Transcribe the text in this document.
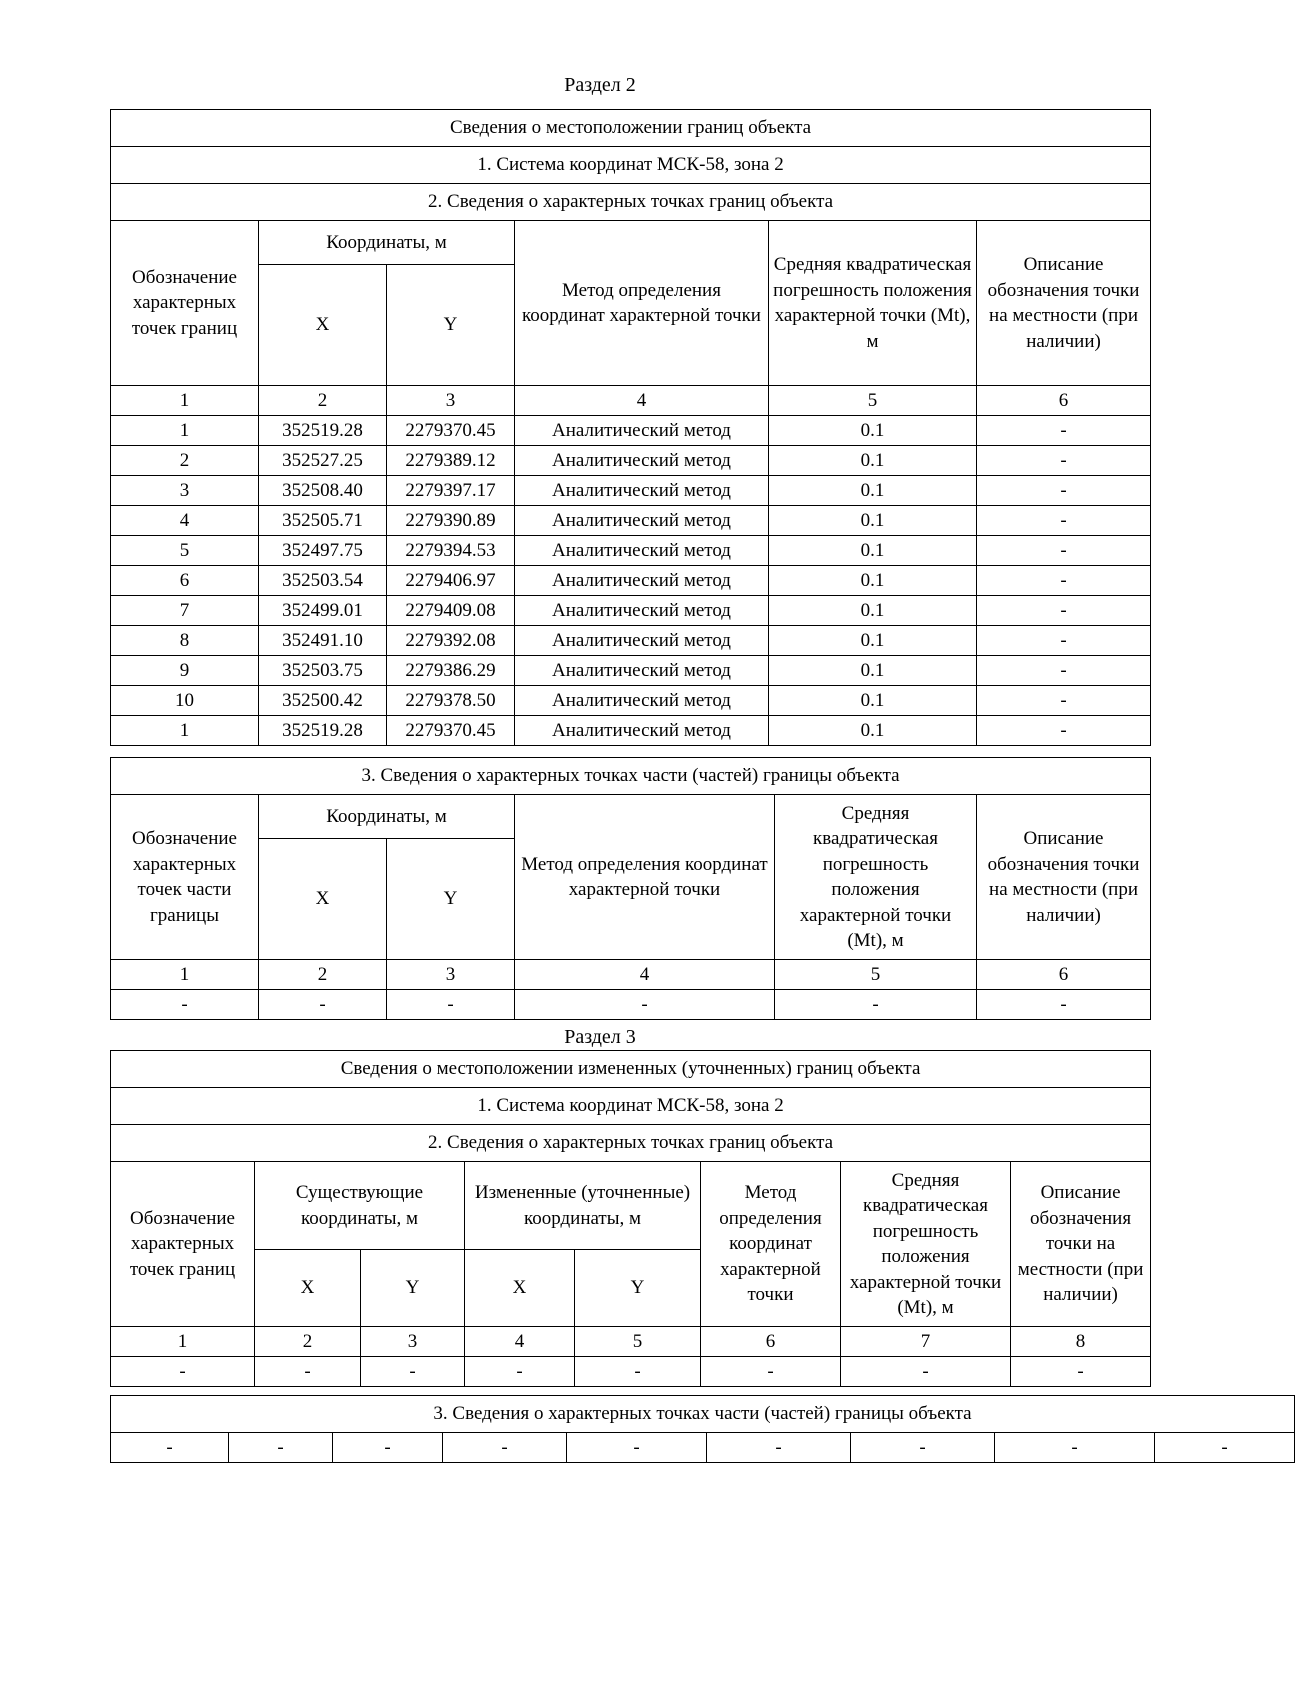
Раздел 2
Сведения о местоположении границ объекта					
1. Система координат МСК-58, зона 2					
2. Сведения о характерных точках границ объекта					
Обозначение характерных точек границ	Координаты, м		Метод определения координат характерной точки	Средняя квадратическая погрешность положения характерной точки (Mt), м	Описание обозначения точки на местности (при наличии)
	X	Y			
1	2	3	4	5	6
1	352519.28	2279370.45	Аналитический метод	0.1	-
2	352527.25	2279389.12	Аналитический метод	0.1	-
3	352508.40	2279397.17	Аналитический метод	0.1	-
4	352505.71	2279390.89	Аналитический метод	0.1	-
5	352497.75	2279394.53	Аналитический метод	0.1	-
6	352503.54	2279406.97	Аналитический метод	0.1	-
7	352499.01	2279409.08	Аналитический метод	0.1	-
8	352491.10	2279392.08	Аналитический метод	0.1	-
9	352503.75	2279386.29	Аналитический метод	0.1	-
10	352500.42	2279378.50	Аналитический метод	0.1	-
1	352519.28	2279370.45	Аналитический метод	0.1	-
3. Сведения о характерных точках части (частей) границы объекта					
Обозначение характерных точек части границы	Координаты, м		Метод определения координат характерной точки	Средняя квадратическая погрешность положения характерной точки (Mt), м	Описание обозначения точки на местности (при наличии)
	X	Y			
1	2	3	4	5	6
-	-	-	-	-	-
Раздел 3
Сведения о местоположении измененных (уточненных) границ объекта							
1. Система координат МСК-58, зона 2							
2. Сведения о характерных точках границ объекта							
Обозначение характерных точек границ	Существующие координаты, м		Измененные (уточненные) координаты, м		Метод определения координат характерной точки	Средняя квадратическая погрешность положения характерной точки (Mt), м	Описание обозначения точки на местности (при наличии)
	X	Y	X	Y			
1	2	3	4	5	6	7	8
-	-	-	-	-	-	-	-
3. Сведения о характерных точках части (частей) границы объекта
-	-	-	-	-	-	-	-	-
